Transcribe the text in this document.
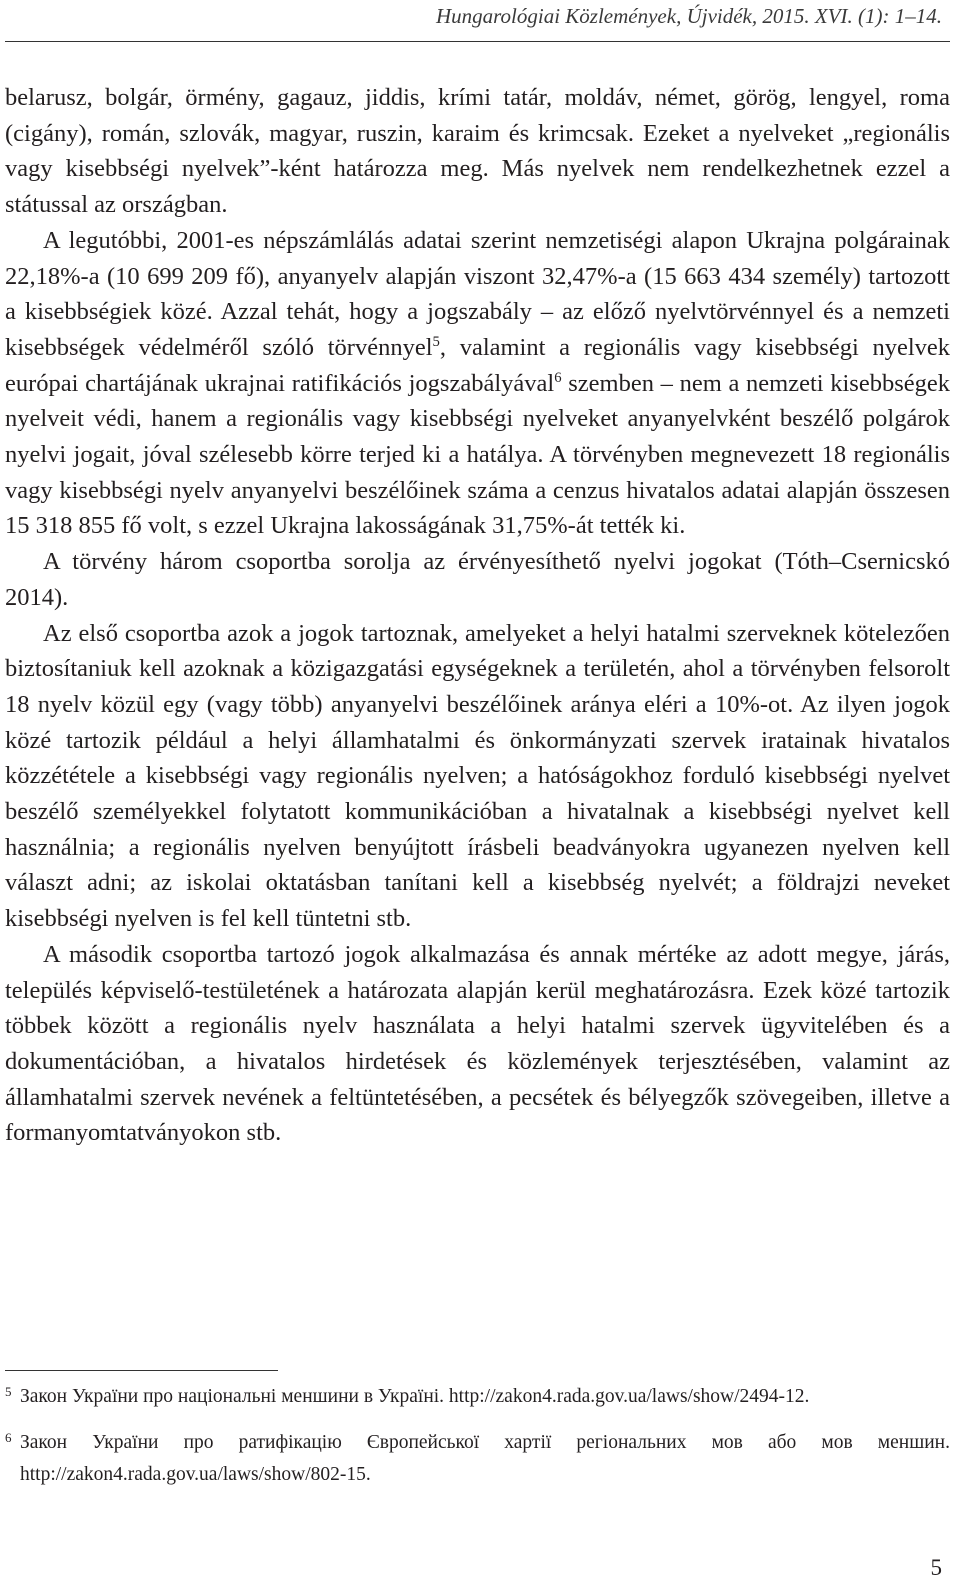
Hungarológiai Közlemények, Újvidék, 2015. XVI. (1): 1–14.

belarusz, bolgár, örmény, gagauz, jiddis, krími tatár, moldáv, német, görög, lengyel, roma (cigány), román, szlovák, magyar, ruszin, karaim és krimcsak. Ezeket a nyelveket „regionális vagy kisebbségi nyelvek”-ként határozza meg. Más nyelvek nem rendelkezhetnek ezzel a státussal az országban.

A legutóbbi, 2001-es népszámlálás adatai szerint nemzetiségi alapon Ukrajna polgárainak 22,18%-a (10 699 209 fő), anyanyelv alapján viszont 32,47%-a (15 663 434 személy) tartozott a kisebbségiek közé. Azzal tehát, hogy a jogszabály – az előző nyelvtörvénnyel és a nemzeti kisebbségek védelméről szóló törvénnyel$^5$, valamint a regionális vagy kisebbségi nyelvek európai chartájának ukrajnai ratifikációs jogszabályával$^6$ szemben – nem a nemzeti kisebbségek nyelveit védi, hanem a regionális vagy kisebbségi nyelveket anyanyelvként beszélő polgárok nyelvi jogait, jóval szélesebb körre terjed ki a hatálya. A törvényben megnevezett 18 regionális vagy kisebbségi nyelv anyanyelvi beszélőinek száma a cenzus hivatalos adatai alapján összesen 15 318 855 fő volt, s ezzel Ukrajna lakosságának 31,75%-át tették ki.

A törvény három csoportba sorolja az érvényesíthető nyelvi jogokat (Tóth–Csernicskó 2014).

Az első csoportba azok a jogok tartoznak, amelyeket a helyi hatalmi szerveknek kötelezően biztosítaniuk kell azoknak a közigazgatási egységeknek a területén, ahol a törvényben felsorolt 18 nyelv közül egy (vagy több) anyanyelvi beszélőinek aránya eléri a 10%-ot. Az ilyen jogok közé tartozik például a helyi államhatalmi és önkormányzati szervek iratainak hivatalos közzététele a kisebbségi vagy regionális nyelven; a hatóságokhoz forduló kisebbségi nyelvet beszélő személyekkel folytatott kommunikációban a hivatalnak a kisebbségi nyelvet kell használnia; a regionális nyelven benyújtott írásbeli beadványokra ugyanezen nyelven kell választ adni; az iskolai oktatásban tanítani kell a kisebbség nyelvét; a földrajzi neveket kisebbségi nyelven is fel kell tüntetni stb.

A második csoportba tartozó jogok alkalmazása és annak mértéke az adott megye, járás, település képviselő-testületének a határozata alapján kerül meghatározásra. Ezek közé tartozik többek között a regionális nyelv használata a helyi hatalmi szervek ügyvitelében és a dokumentációban, a hivatalos hirdetések és közlemények terjesztésében, valamint az államhatalmi szervek nevének a feltüntetésében, a pecsétek és bélyegzők szövegeiben, illetve a formanyomtatványokon stb.

5 Закон України про національні меншини в Україні. http://zakon4.rada.gov.ua/laws/show/2494-12.
6 Закон України про ратифікацію Європейської хартії регіональних мов або мов меншин. http://zakon4.rada.gov.ua/laws/show/802-15.
5
